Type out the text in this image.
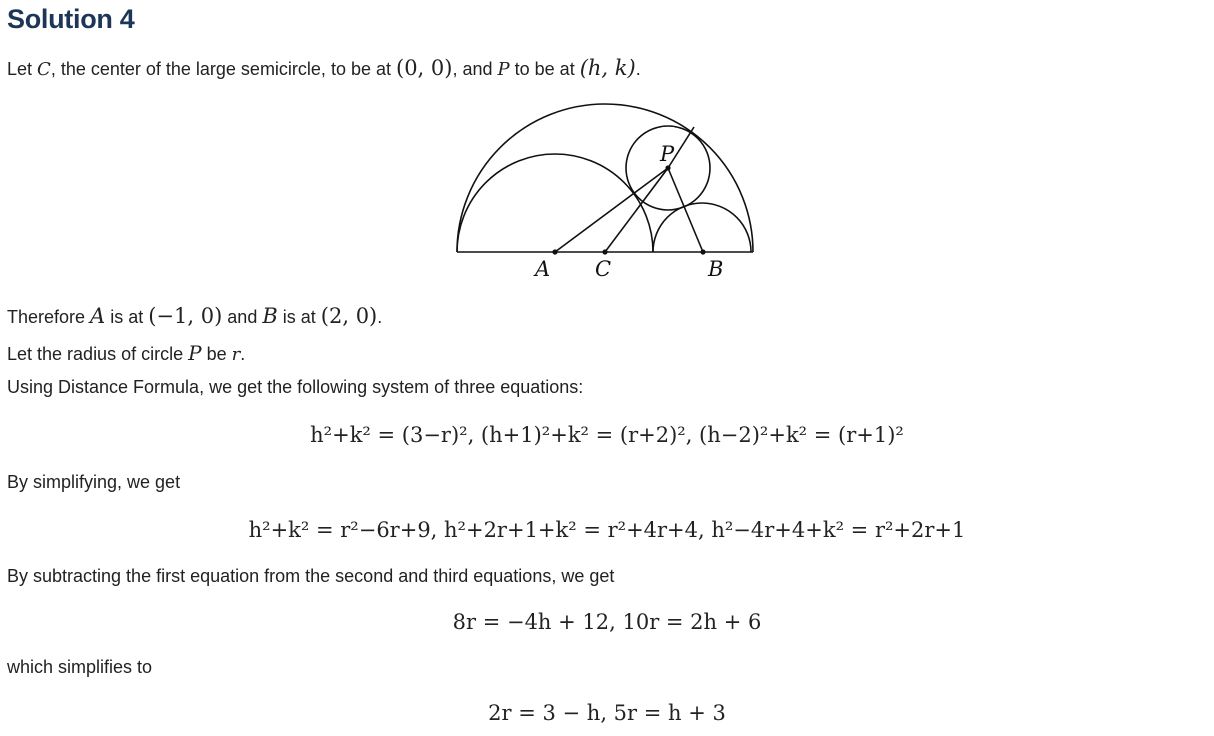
Solution 4
Let C, the center of the large semicircle, to be at (0, 0), and P to be at (h, k).
P
A C	B
Therefore A is at (−1, 0) and B is at (2, 0).
Let the radius of circle P be r.
Using Distance Formula, we get the following system of three equations:
h²+k² = (3−r)², (h+1)²+k² = (r+2)², (h−2)²+k² = (r+1)²
By simplifying, we get
h²+k² = r²−6r+9, h²+2r+1+k² = r²+4r+4, h²−4r+4+k² = r²+2r+1
By subtracting the first equation from the second and third equations, we get
8r = −4h + 12, 10r = 2h + 6
which simplifies to
2r = 3 − h, 5r = h + 3
